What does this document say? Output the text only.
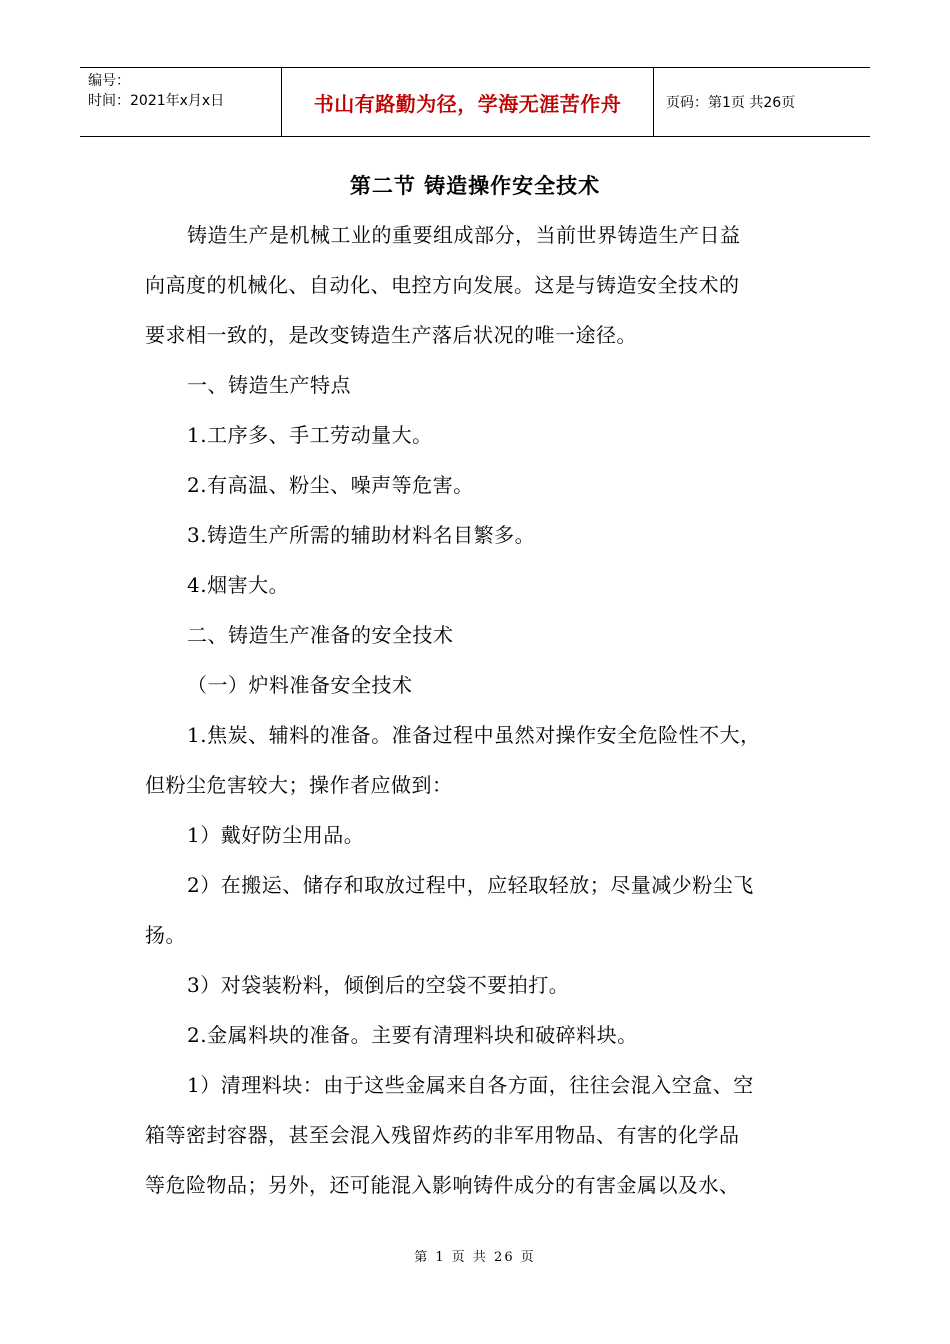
编号：
时间：2021年x月x日	书山有路勤为径，学海无涯苦作舟	页码：第1页 共26页
第二节 铸造操作安全技术

铸造生产是机械工业的重要组成部分，当前世界铸造生产日益

向高度的机械化、自动化、电控方向发展。这是与铸造安全技术的

要求相一致的，是改变铸造生产落后状况的唯一途径。

一、铸造生产特点

1.工序多、手工劳动量大。

2.有高温、粉尘、噪声等危害。

3.铸造生产所需的辅助材料名目繁多。

4.烟害大。

二、铸造生产准备的安全技术

（一）炉料准备安全技术

1.焦炭、辅料的准备。准备过程中虽然对操作安全危险性不大，

但粉尘危害较大；操作者应做到：

1）戴好防尘用品。

2）在搬运、储存和取放过程中，应轻取轻放；尽量减少粉尘飞

扬。

3）对袋装粉料，倾倒后的空袋不要拍打。

2.金属料块的准备。主要有清理料块和破碎料块。

1）清理料块：由于这些金属来自各方面，往往会混入空盒、空

箱等密封容器，甚至会混入残留炸药的非军用物品、有害的化学品

等危险物品；另外，还可能混入影响铸件成分的有害金属以及水、

第 1 页 共 26 页
